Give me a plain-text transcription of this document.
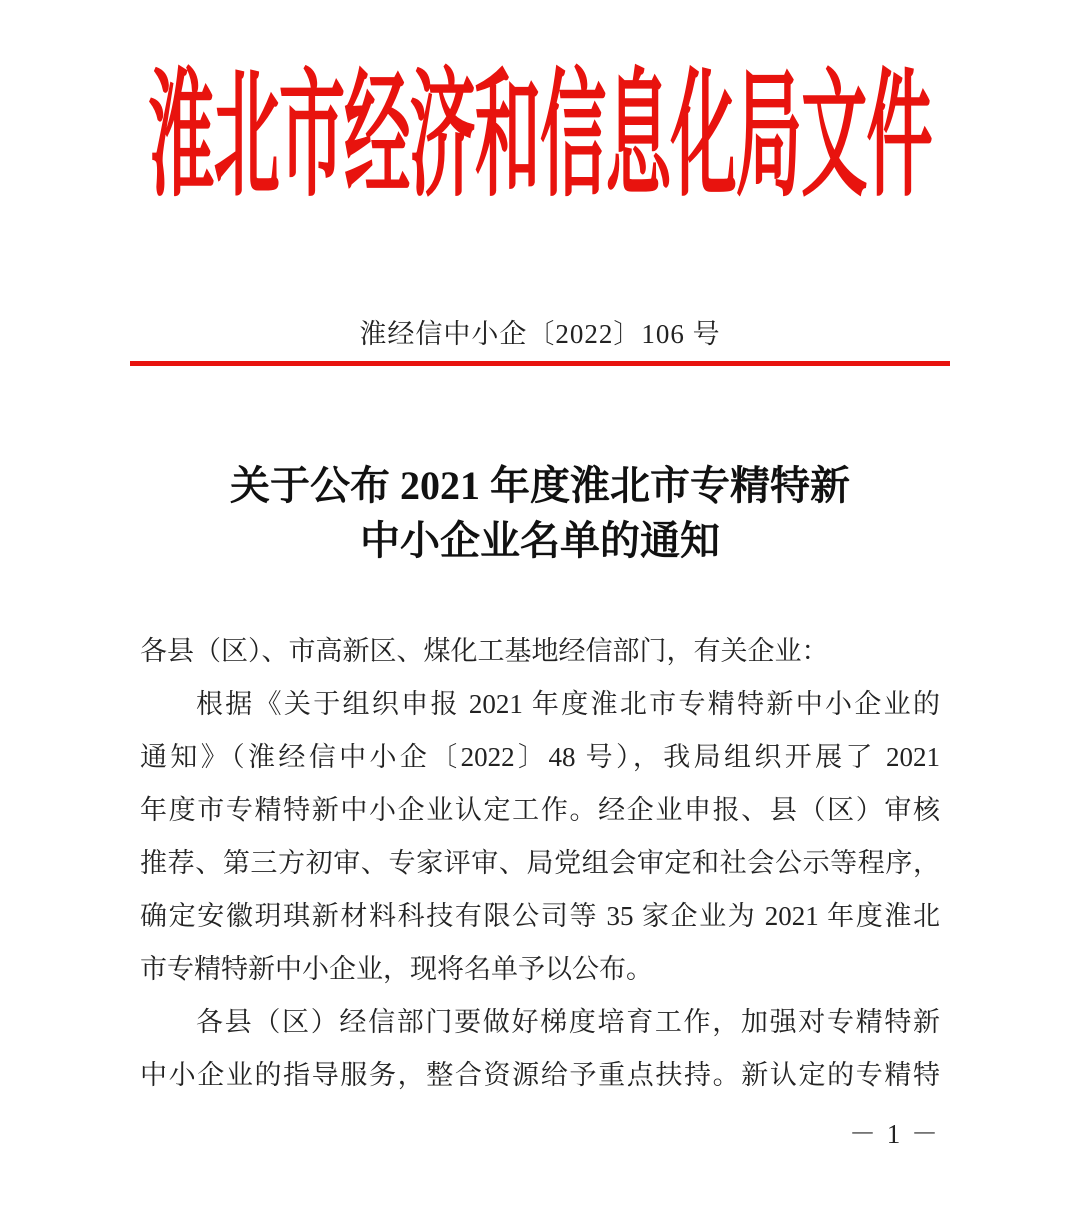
淮北市经济和信息化局文件
淮经信中小企〔2022〕106 号
关于公布 2021 年度淮北市专精特新
中小企业名单的通知
各县（区）、市高新区、煤化工基地经信部门，有关企业：
根据《关于组织申报 2021 年度淮北市专精特新中小企业的
通知》（淮经信中小企〔2022〕48 号），我局组织开展了 2021
年度市专精特新中小企业认定工作。经企业申报、县（区）审核
推荐、第三方初审、专家评审、局党组会审定和社会公示等程序，
确定安徽玥琪新材料科技有限公司等 35 家企业为 2021 年度淮北
市专精特新中小企业，现将名单予以公布。
各县（区）经信部门要做好梯度培育工作，加强对专精特新
中小企业的指导服务，整合资源给予重点扶持。新认定的专精特
－ 1 －
